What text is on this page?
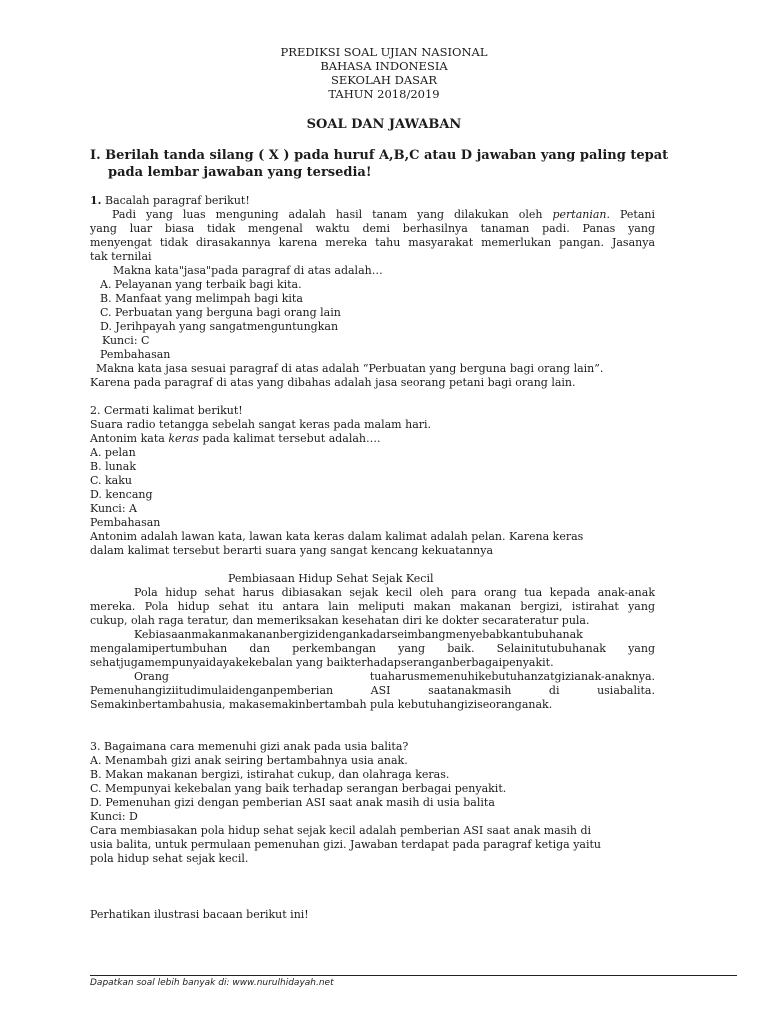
PREDIKSI SOAL UJIAN NASIONAL
BAHASA INDONESIA
SEKOLAH DASAR
TAHUN 2018/2019
SOAL DAN JAWABAN
I. Berilah tanda silang ( X ) pada huruf A,B,C atau D jawaban yang paling tepat
pada lembar jawaban yang tersedia!
1. Bacalah paragraf berikut!
Padi yang luas menguning adalah hasil tanam yang dilakukan oleh pertanian. Petani
yang luar biasa tidak mengenal waktu demi berhasilnya tanaman padi. Panas yang
menyengat tidak dirasakannya karena mereka tahu masyarakat memerlukan pangan. Jasanya
tak ternilai
Makna kata"jasa"pada paragraf di atas adalah…
A. Pelayanan yang terbaik bagi kita.
B. Manfaat yang melimpah bagi kita
C. Perbuatan yang berguna bagi orang lain
D. Jerihpayah yang sangatmenguntungkan
Kunci: C
Pembahasan
Makna kata jasa sesuai paragraf di atas adalah “Perbuatan yang berguna bagi orang lain”.
Karena pada paragraf di atas yang dibahas adalah jasa seorang petani bagi orang lain.
2. Cermati kalimat berikut!
Suara radio tetangga sebelah sangat keras pada malam hari.
Antonim kata keras pada kalimat tersebut adalah….
A. pelan
B. lunak
C. kaku
D. kencang
Kunci: A
Pembahasan
Antonim adalah lawan kata, lawan kata keras dalam kalimat adalah pelan. Karena keras
dalam kalimat tersebut berarti suara yang sangat kencang kekuatannya
Pembiasaan Hidup Sehat Sejak Kecil
Pola hidup sehat harus dibiasakan sejak kecil oleh para orang tua kepada anak-anak
mereka. Pola hidup sehat itu antara lain meliputi makan makanan bergizi, istirahat yang
cukup, olah raga teratur, dan memeriksakan kesehatan diri ke dokter secarateratur pula.
Kebiasaanmakanmakananbergizidengankadarseimbangmenyebabkantubuhanak
mengalamipertumbuhan dan perkembangan yang baik. Selainitutubuhanak yang
sehatjugamempunyaidayakekebalan yang baikterhadapseranganberbagaipenyakit.
Orang tuaharusmemenuhikebutuhanzatgizianak-anaknya.
Pemenuhangiziitudimulaidenganpemberian ASI saatanakmasih di usiabalita.
Semakinbertambahusia, makasemakinbertambah pula kebutuhangiziseoranganak.
3. Bagaimana cara memenuhi gizi anak pada usia balita?
A. Menambah gizi anak seiring bertambahnya usia anak.
B. Makan makanan bergizi, istirahat cukup, dan olahraga keras.
C. Mempunyai kekebalan yang baik terhadap serangan berbagai penyakit.
D. Pemenuhan gizi dengan pemberian ASI saat anak masih di usia balita
Kunci: D
Cara membiasakan pola hidup sehat sejak kecil adalah pemberian ASI saat anak masih di
usia balita, untuk permulaan pemenuhan gizi. Jawaban terdapat pada paragraf ketiga yaitu
pola hidup sehat sejak kecil.
Perhatikan ilustrasi bacaan berikut ini!
Dapatkan soal lebih banyak di: www.nurulhidayah.net
